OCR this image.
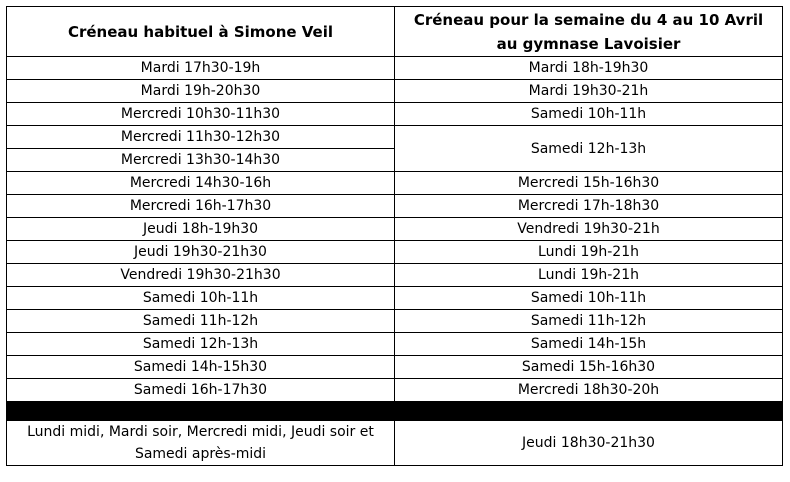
Créneau habituel à Simone Veil	Créneau pour la semaine du 4 au 10 Avril au gymnase Lavoisier
Mardi 17h30-19h	Mardi 18h-19h30
Mardi 19h-20h30	Mardi 19h30-21h
Mercredi 10h30-11h30	Samedi 10h-11h
Mercredi 11h30-12h30	Samedi 12h-13h
Mercredi 13h30-14h30	
Mercredi 14h30-16h	Mercredi 15h-16h30
Mercredi 16h-17h30	Mercredi 17h-18h30
Jeudi 18h-19h30	Vendredi 19h30-21h
Jeudi 19h30-21h30	Lundi 19h-21h
Vendredi 19h30-21h30	Lundi 19h-21h
Samedi 10h-11h	Samedi 10h-11h
Samedi 11h-12h	Samedi 11h-12h
Samedi 12h-13h	Samedi 14h-15h
Samedi 14h-15h30	Samedi 15h-16h30
Samedi 16h-17h30	Mercredi 18h30-20h

Lundi midi, Mardi soir, Mercredi midi, Jeudi soir et Samedi après-midi	Jeudi 18h30-21h30
